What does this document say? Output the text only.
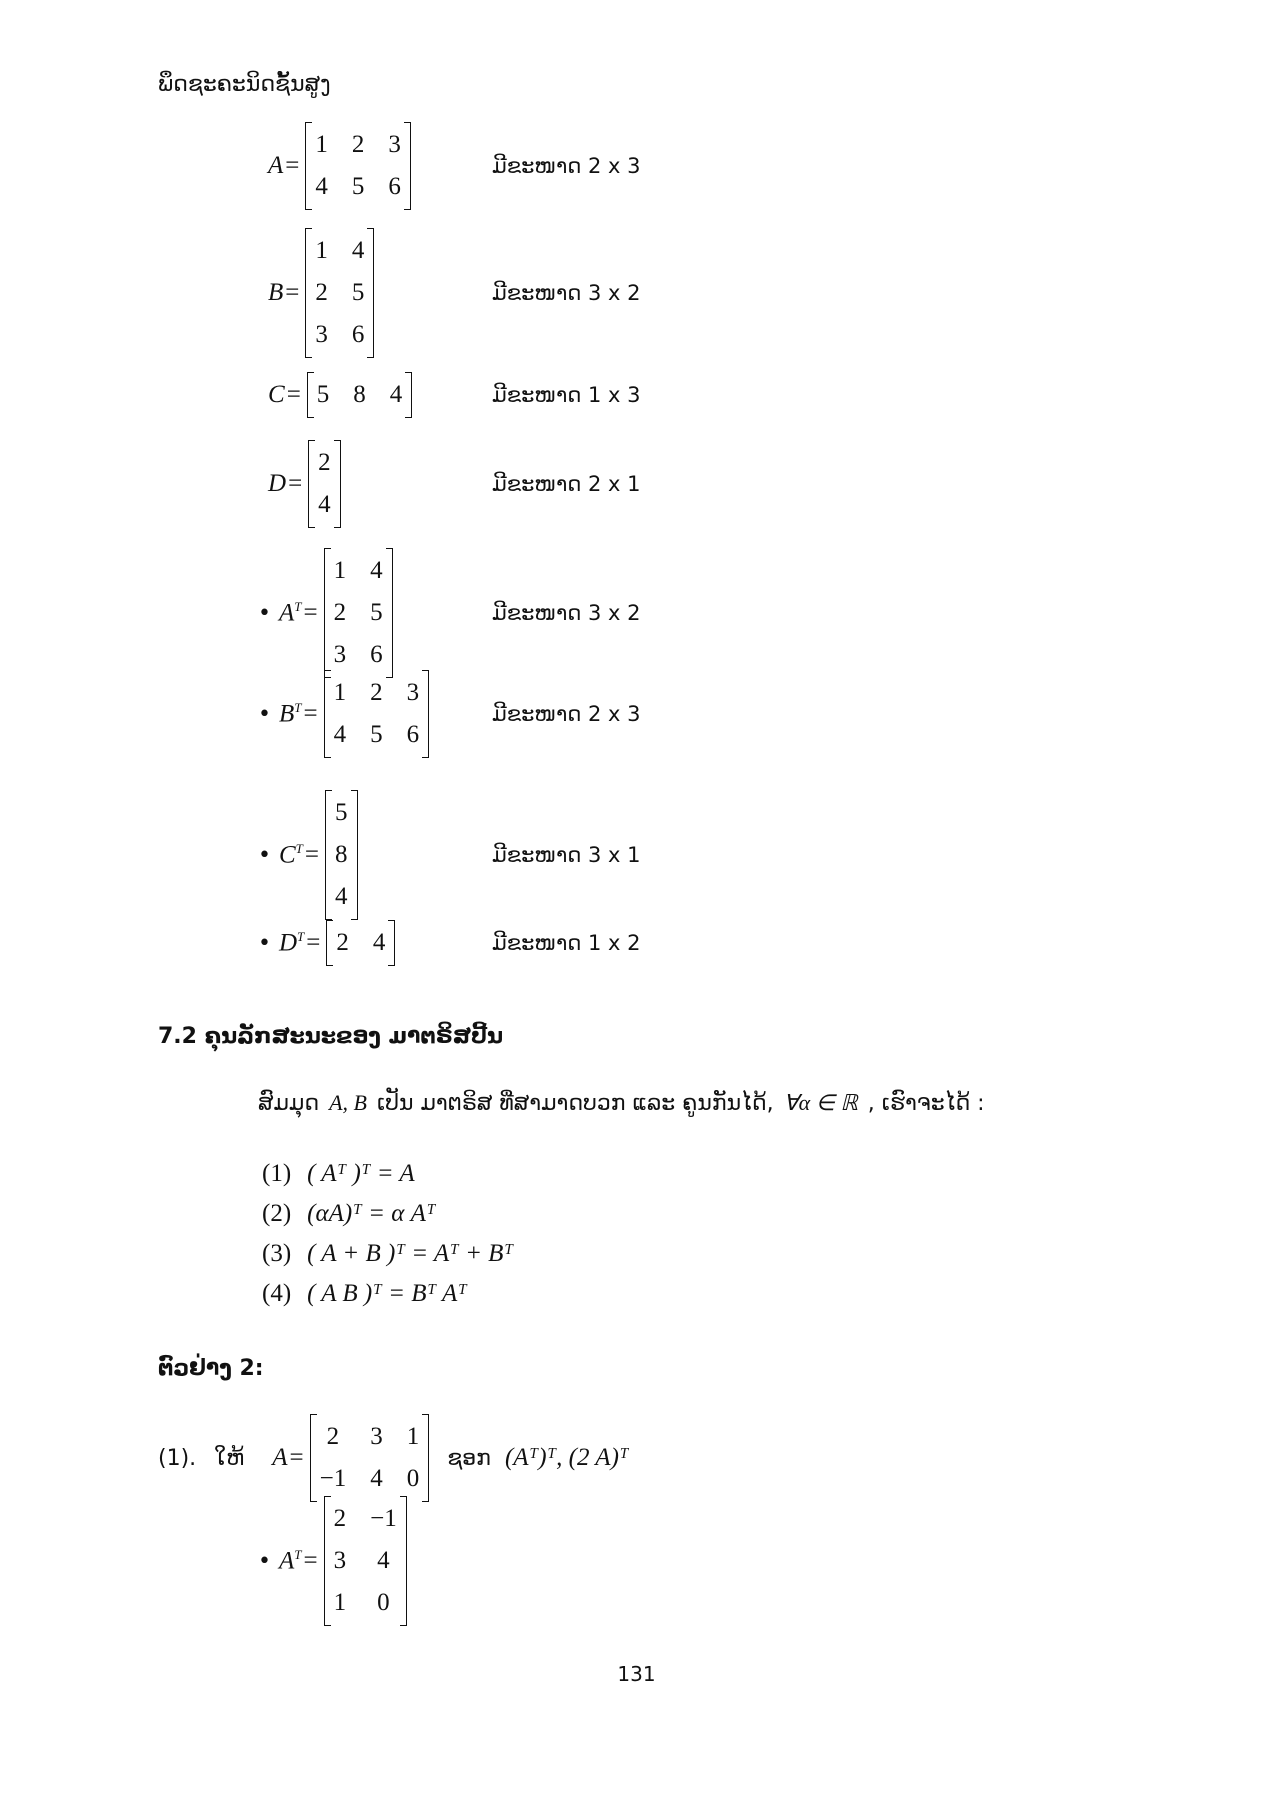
ພຶດຊະຄະນິດຊັ້ນສູງ
A =
1 2 3
4 5 6
ມີຂະໜາດ 2 x 3
B =
1 4
2 5
3 6
ມີຂະໜາດ 3 x 2
C = 5 8 4	ມີຂະໜາດ 1 x 3
D =
2
4
ມີຂະໜາດ 2 x 1
• $A^T$ =
1 4
2 5
3 6
ມີຂະໜາດ 3 x 2
• $B^T$ =
1 2 3
4 5 6
ມີຂະໜາດ 2 x 3
• $C^T$ =
5
8
4
ມີຂະໜາດ 3 x 1
• $D^T = 2$ 4	ມີຂະໜາດ 1 x 2
7.2 ຄຸນລັກສະນະຂອງ ມາຕຣິສປີ້ນ
ສົມມຸດ A, B ເປັນ ມາຕຣິສ ທີ່ສາມາດບວກ ແລະ ຄູນກັນໄດ້, ∀α ∈ ℝ , ເຮົາຈະໄດ້ :
(1) ( Aᵀ )ᵀ = A
(2) (αA)ᵀ = α Aᵀ
(3) ( A + B )ᵀ = Aᵀ + Bᵀ
(4) ( A B )ᵀ = Bᵀ Aᵀ
ຕົວຢ່າງ 2:
(1). ໃຫ້ A =
2 3 1
−1 4 0
ຊອກ (Aᵀ)ᵀ, (2 A)ᵀ
• $A^T$ =
2 −1
3 4
1 0
131
